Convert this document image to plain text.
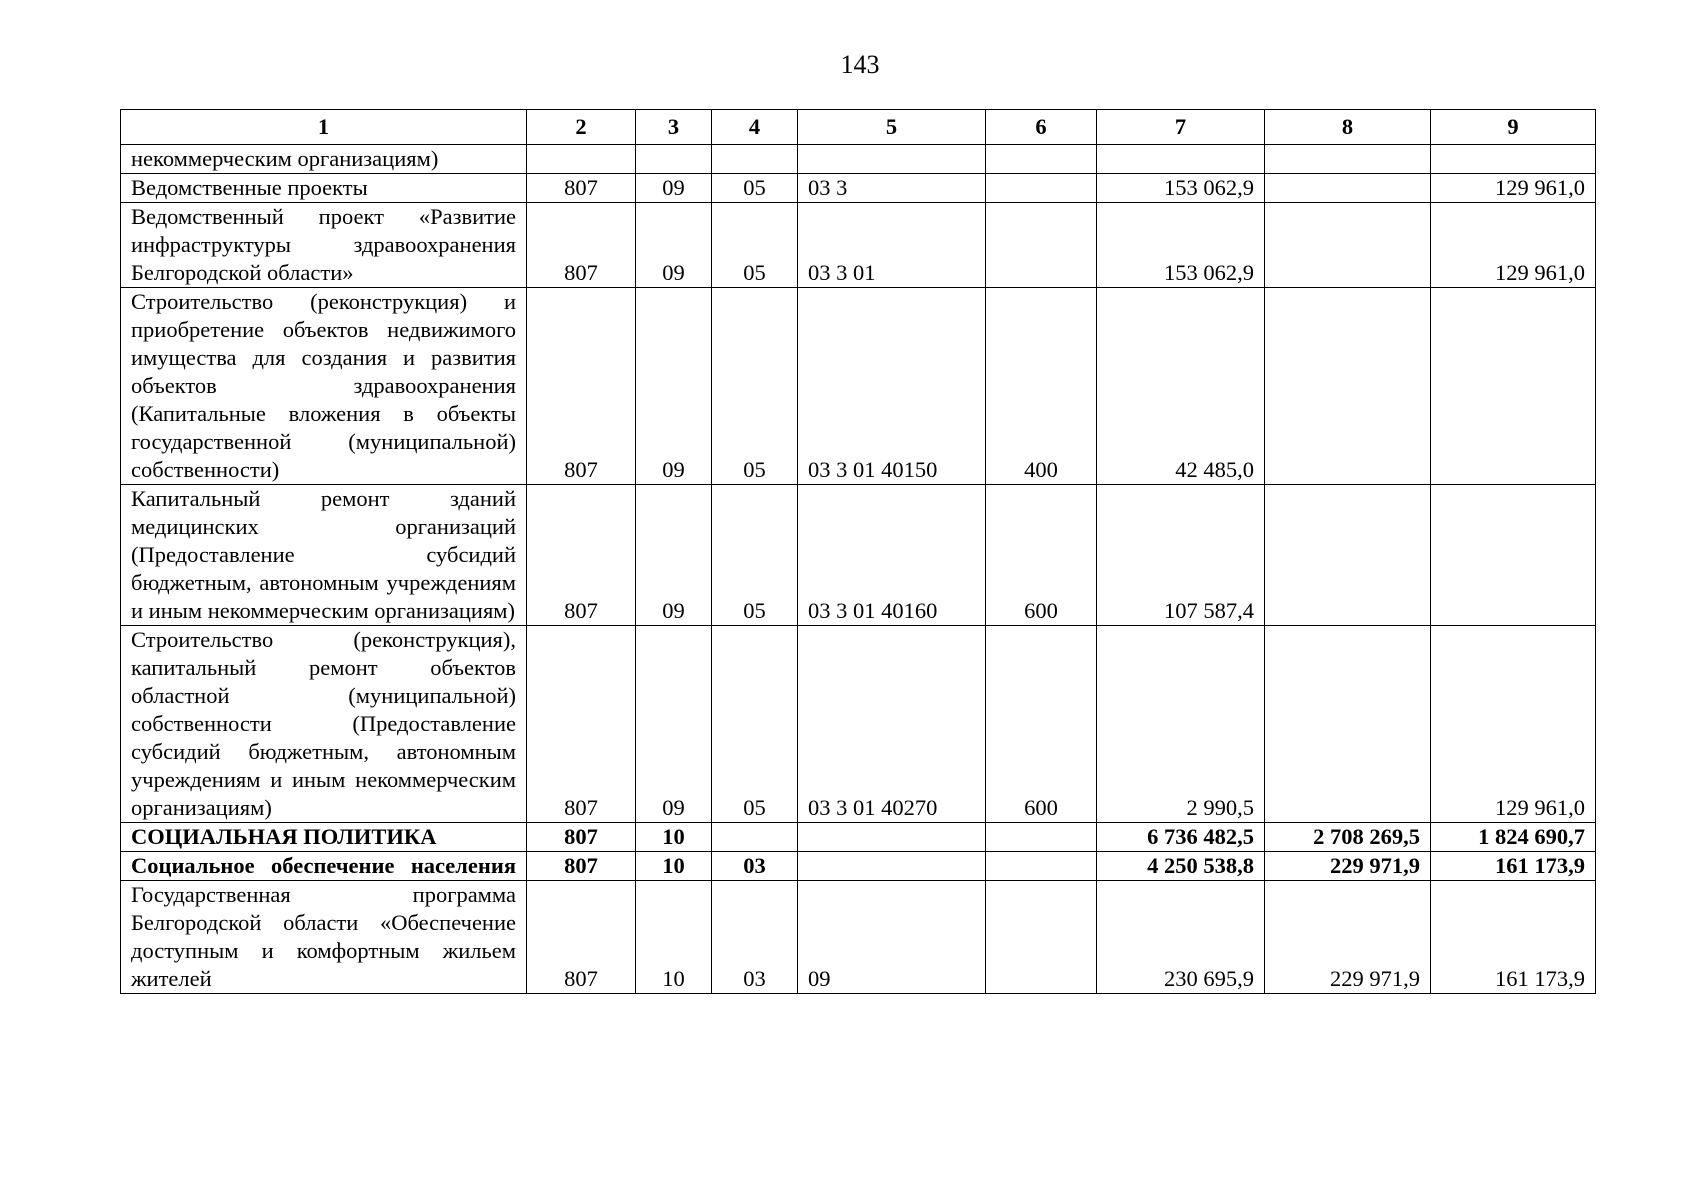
143
1	2	3	4	5	6	7	8	9
некоммерческим организациям)								
Ведомственные проекты	807	09	05	03 3		153 062,9		129 961,0
Ведомственный проект «Развитие инфраструктуры здравоохранения Белгородской области»	807	09	05	03 3 01		153 062,9		129 961,0
Строительство (реконструкция) и приобретение объектов недвижимого имущества для создания и развития объектов здравоохранения (Капитальные вложения в объекты государственной (муниципальной) собственности)	807	09	05	03 3 01 40150	400	42 485,0		
Капитальный ремонт зданий медицинских организаций (Предоставление субсидий бюджетным, автономным учреждениям и иным некоммерческим организациям)	807	09	05	03 3 01 40160	600	107 587,4		
Строительство (реконструкция), капитальный ремонт объектов областной (муниципальной) собственности (Предоставление субсидий бюджетным, автономным учреждениям и иным некоммерческим организациям)	807	09	05	03 3 01 40270	600	2 990,5		129 961,0
СОЦИАЛЬНАЯ ПОЛИТИКА	807	10				6 736 482,5	2 708 269,5	1 824 690,7
Социальное обеспечение населения	807	10	03			4 250 538,8	229 971,9	161 173,9
Государственная программа Белгородской области «Обеспечение доступным и комфортным жильем жителей	807	10	03	09		230 695,9	229 971,9	161 173,9
